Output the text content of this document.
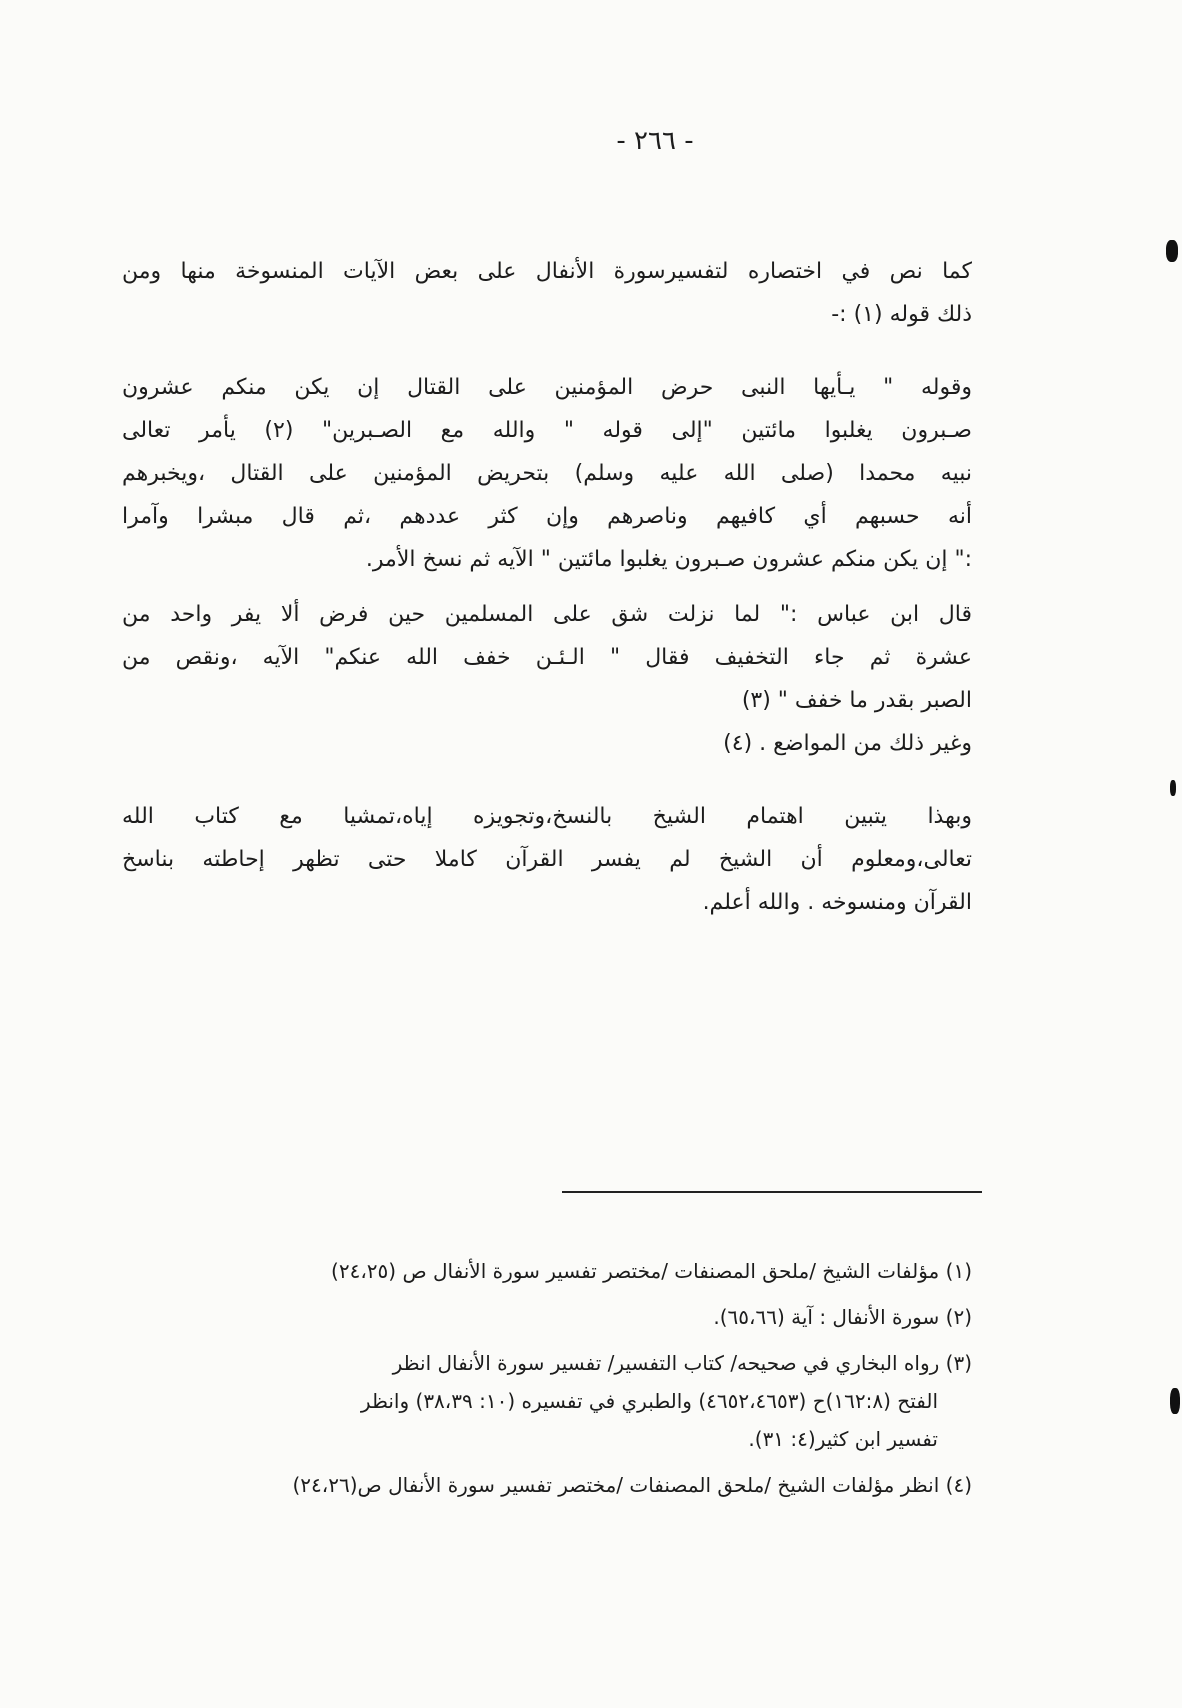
- ٢٦٦ -
كما نص في اختصاره لتفسيرسورة الأنفال على بعض الآيات المنسوخة منها ومن
ذلك قوله (١) :-
وقوله " يـأيها النبى حرض المؤمنين على القتال إن يكن منكم عشرون
صـبرون يغلبوا مائتين "إلى قوله " والله مع الصـبرين" (٢) يأمر تعالى
نبيه محمدا (صلى الله عليه وسلم) بتحريض المؤمنين على القتال ،ويخبرهم
أنه حسبهم أي كافيهم وناصرهم وإن كثر عددهم ،ثم قال مبشرا وآمرا
:" إن يكن منكم عشرون صـبرون يغلبوا مائتين " الآيه ثم نسخ الأمر.
قال ابن عباس :" لما نزلت شق على المسلمين حين فرض ألا يفر واحد من
عشرة ثم جاء التخفيف فقال " الـئـن خفف الله عنكم" الآيه ،ونقص من
الصبر بقدر ما خفف " (٣)
وغير ذلك من المواضع . (٤)
وبهذا يتبين اهتمام الشيخ بالنسخ،وتجويزه إياه،تمشيا مع كتاب الله
تعالى،ومعلوم أن الشيخ لم يفسر القرآن كاملا حتى تظهر إحاطته بناسخ
القرآن ومنسوخه . والله أعلم.
(١) مؤلفات الشيخ /ملحق المصنفات /مختصر تفسير سورة الأنفال ص (٢٤،٢٥)
(٢) سورة الأنفال : آية (٦٥،٦٦).
(٣) رواه البخاري في صحيحه/ كتاب التفسير/ تفسير سورة الأنفال انظر
الفتح (١٦٢:٨)ح (٤٦٥٢،٤٦٥٣) والطبري في تفسيره (١٠: ٣٨،٣٩) وانظر
تفسير ابن كثير(٤: ٣١).
(٤) انظر مؤلفات الشيخ /ملحق المصنفات /مختصر تفسير سورة الأنفال ص(٢٤،٢٦)
